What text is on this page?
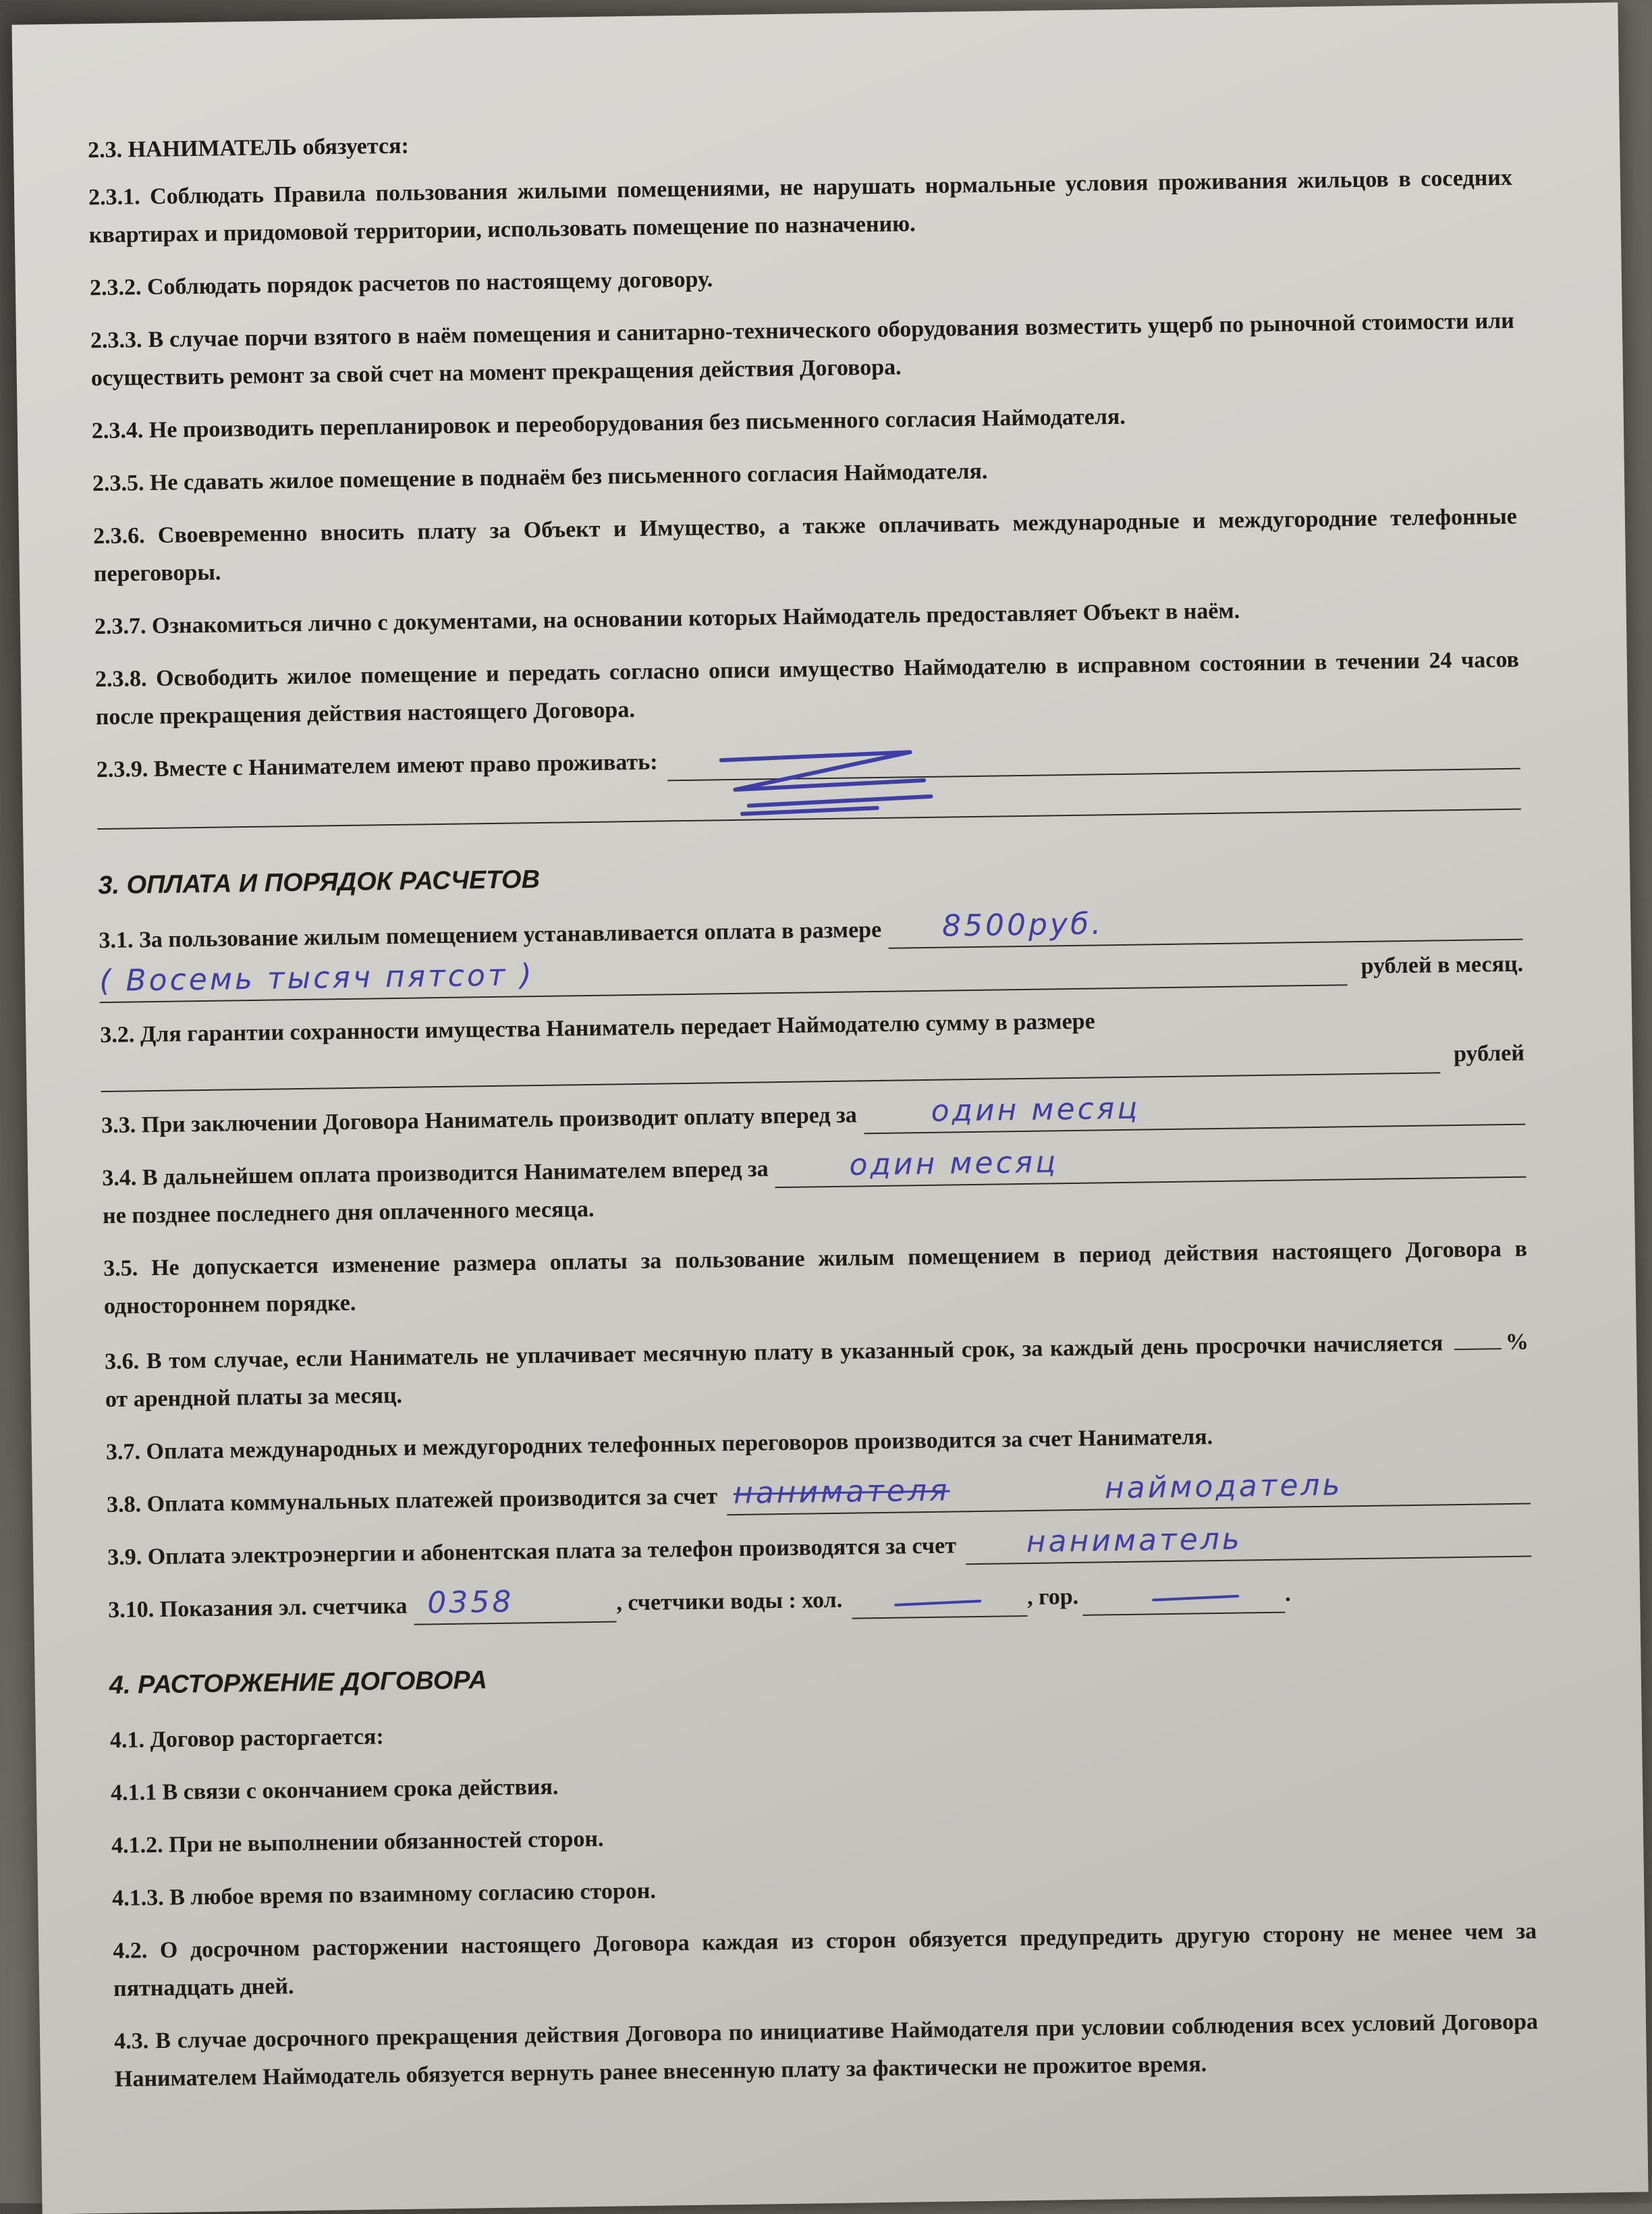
2.3. НАНИМАТЕЛЬ обязуется:
2.3.1. Соблюдать Правила пользования жилыми помещениями, не нарушать нормальные условия проживания жильцов в соседних квартирах и придомовой территории, использовать помещение по назначению.
2.3.2. Соблюдать порядок расчетов по настоящему договору.
2.3.3. В случае порчи взятого в наём помещения и санитарно-технического оборудования возместить ущерб по рыночной стоимости или осуществить ремонт за свой счет на момент прекращения действия Договора.
2.3.4. Не производить перепланировок и переоборудования без письменного согласия Наймодателя.
2.3.5. Не сдавать жилое помещение в поднаём без письменного согласия Наймодателя.
2.3.6. Своевременно вносить плату за Объект и Имущество, а также оплачивать международные и междугородние телефонные переговоры.
2.3.7. Ознакомиться лично с документами, на основании которых Наймодатель предоставляет Объект в наём.
2.3.8. Освободить жилое помещение и передать согласно описи имущество Наймодателю в исправном состоянии в течении 24 часов после прекращения действия настоящего Договора.
2.3.9. Вместе с Нанимателем имеют право проживать:
3. ОПЛАТА И ПОРЯДОК РАСЧЕТОВ
3.1. За пользование жилым помещением устанавливается оплата в размере 8500руб.
( Восемь тысяч пятсот )	рублей в месяц.
3.2. Для гарантии сохранности имущества Наниматель передает Наймодателю сумму в размере
рублей
3.3. При заключении Договора Наниматель производит оплату вперед за один месяц
3.4. В дальнейшем оплата производится Нанимателем вперед за	один месяц
не позднее последнего дня оплаченного месяца.
3.5. Не допускается изменение размера оплаты за пользование жилым помещением в период действия настоящего Договора в одностороннем порядке.
3.6. В том случае, если Наниматель не уплачивает месячную плату в указанный срок, за каждый день просрочки начисляется	% от арендной платы за месяц.
3.7. Оплата международных и междугородних телефонных переговоров производится за счет Нанимателя.
3.8. Оплата коммунальных платежей производится за счет нанимателя	наймодатель
3.9. Оплата электроэнергии и абонентская плата за телефон производятся за счет наниматель
3.10. Показания эл. счетчика 0358	, счетчики воды : хол.	, гор.	.
4. РАСТОРЖЕНИЕ ДОГОВОРА
4.1. Договор расторгается:
4.1.1 В связи с окончанием срока действия.
4.1.2. При не выполнении обязанностей сторон.
4.1.3. В любое время по взаимному согласию сторон.
4.2. О досрочном расторжении настоящего Договора каждая из сторон обязуется предупредить другую сторону не менее чем за пятнадцать дней.
4.3. В случае досрочного прекращения действия Договора по инициативе Наймодателя при условии соблюдения всех условий Договора Нанимателем Наймодатель обязуется вернуть ранее внесенную плату за фактически не прожитое время.
